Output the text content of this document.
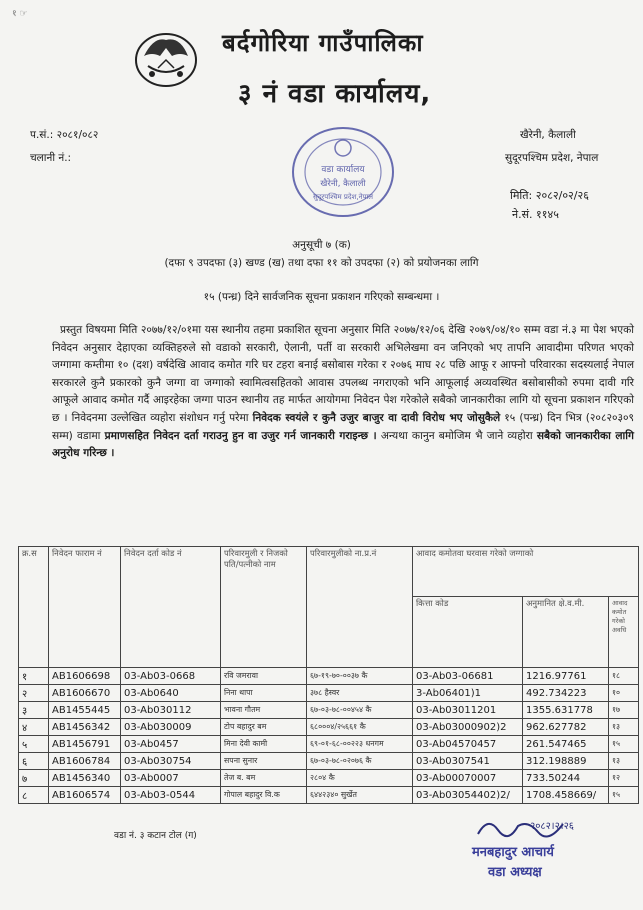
१ ☞
बर्दगोरिया गाउँपालिका
३ नं वडा कार्यालय,
प.सं.: २०८१/०८२
चलानी नं.:
खैरेनी, कैलाली
सुदूरपश्चिम प्रदेश, नेपाल
वडा कार्यालय
खैरेनी, कैलाली
सुदूरपश्चिम प्रदेश,नेपाल	मिति: २०८२/०२/२६
ने.सं. ११४५
अनुसूची ७ (क)
(दफा ९ उपदफा (३) खण्ड (ख) तथा दफा ११ को उपदफा (२) को प्रयोजनका लागि
१५ (पन्ध्र) दिने सार्वजनिक सूचना प्रकाशन गरिएको सम्बन्धमा ।
प्रस्तुत विषयमा मिति २०७७/१२/०१मा यस स्थानीय तहमा प्रकाशित सूचना अनुसार मिति २०७७/१२/०६ देखि २०७९/०४/१० सम्म वडा नं.३ मा पेश भएको निवेदन अनुसार देहाएका व्यक्तिहरुले सो वडाको सरकारी, ऐलानी, पर्ती वा सरकारी अभिलेखमा वन जनिएको भए तापनि आवादीमा परिणत भएको जग्गामा कम्तीमा १० (दश) वर्षदेखि आवाद कमोत गरि घर टहरा बनाई बसोबास गरेका र २०७६ माघ २८ पछि आफू र आफ्नो परिवारका सदस्यलाई नेपाल सरकारले कुनै प्रकारको कुनै जग्गा वा जग्गाको स्वामित्वसहितको आवास उपलब्ध नगराएको भनि आफूलाई अव्यवस्थित बसोबासीको रुपमा दावी गरि आफूले आवाद कमोत गर्दै आइरहेका जग्गा पाउन स्थानीय तह मार्फत आयोगमा निवेदन पेश गरेकोले सबैको जानकारीका लागि यो सूचना प्रकाशन गरिएको छ । निवेदनमा उल्लेखित व्यहोरा संशोधन गर्नु परेमा निवेदक स्वयंले र कुनै उजुर बाजुर वा दावी विरोध भए जोसुकैले १५ (पन्ध्र) दिन भित्र (२०८२०३०९ सम्म) वडामा प्रमाणसहित निवेदन दर्ता गराउनु हुन वा उजुर गर्न जानकारी गराइन्छ । अन्यथा कानुन बमोजिम भै जाने व्यहोरा सबैको जानकारीका लागि अनुरोध गरिन्छ ।
क्र.स	निवेदन फाराम नं	निवेदन दर्ता कोड नं	परिवारमुली र निजको पति/पत्नीको नाम	परिवारमुलीको ना.प्र.नं	आवाद कमोतवा घरवास गरेको जग्गाको		
					कित्ता कोड	अनुमानित क्षे.व.मी.	आवाद कमोत गरेको अवधि
१	AB1606698	03-Ab03-0668	रवि जमरावा	६७-१९-७०-००३७ कै	03-Ab03-06681	1216.97761	१८
२	AB1606670	03-Ab0640	निना थापा	३७८ हैस्वर	3-Ab06401)1	492.734223	१०
३	AB1455445	03-Ab030112	भावना गौतम	६७-०३-७८-००४५४ कै	03-Ab03011201	1355.631778	१७
४	AB1456342	03-Ab030009	टोप बहादुर बम	६८०००४/२५६६१ कै	03-Ab03000902)2	962.627782	१३
५	AB1456791	03-Ab0457	मिना देवी कामी	६९-०१-६८-००२२३ धनगम	03-Ab04570457	261.547465	१५
६	AB1606784	03-Ab030754	सपना सुनार	६७-०३-७८-०२०७६ कै	03-Ab0307541	312.198889	१३
७	AB1456340	03-Ab0007	तेज ब. बम	२८०४ कै	03-Ab00070007	733.50244	१२
८	AB1606574	03-Ab03-0544	गोपाल बहादुर वि.क	६४४२३४० सुर्खेत	03-Ab03054402)2/	1708.458669/	१५
वडा नं. ३ कटान टोल (ग)
२०८२।२।२६
मनबहादुर आचार्य
वडा अध्यक्ष
